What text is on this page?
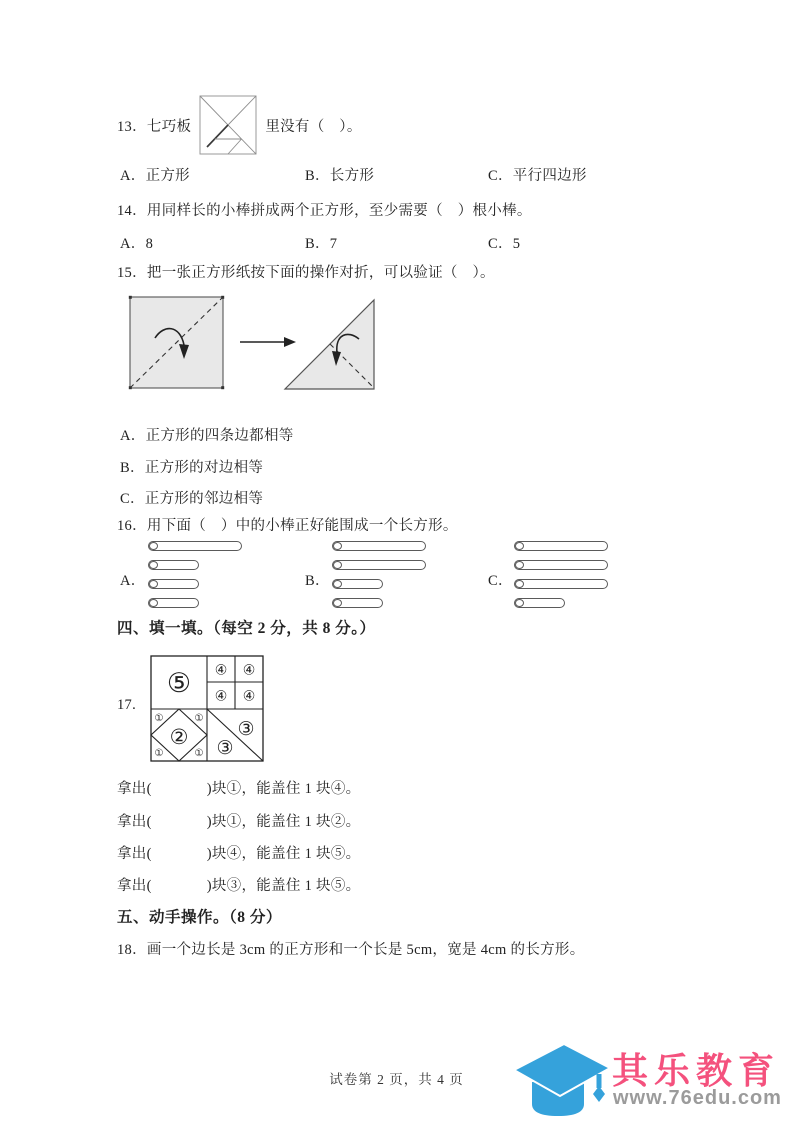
13．七巧板	里没有（　）。
A．正方形	B．长方形	C．平行四边形
14．用同样长的小棒拼成两个正方形，至少需要（　）根小棒。
A．8	B．7	C．5
15．把一张正方形纸按下面的操作对折，可以验证（　）。
A．正方形的四条边都相等
B．正方形的对边相等
C．正方形的邻边相等
16．用下面（　）中的小棒正好能围成一个长方形。
A．	B．	C．
四、填一填。（每空 2 分，共 8 分。）
17.
⑤ ④ ④
④ ④
②
①	①
①	①
③
③
拿出(	)块①，能盖住 1 块④。
拿出(	)块①，能盖住 1 块②。
拿出(	)块④，能盖住 1 块⑤。
拿出(	)块③，能盖住 1 块⑤。
五、动手操作。（8 分）
18．画一个边长是 3cm 的正方形和一个长是 5cm，宽是 4cm 的长方形。
试卷第 2 页，共 4 页	其乐教育
www.76edu.com
